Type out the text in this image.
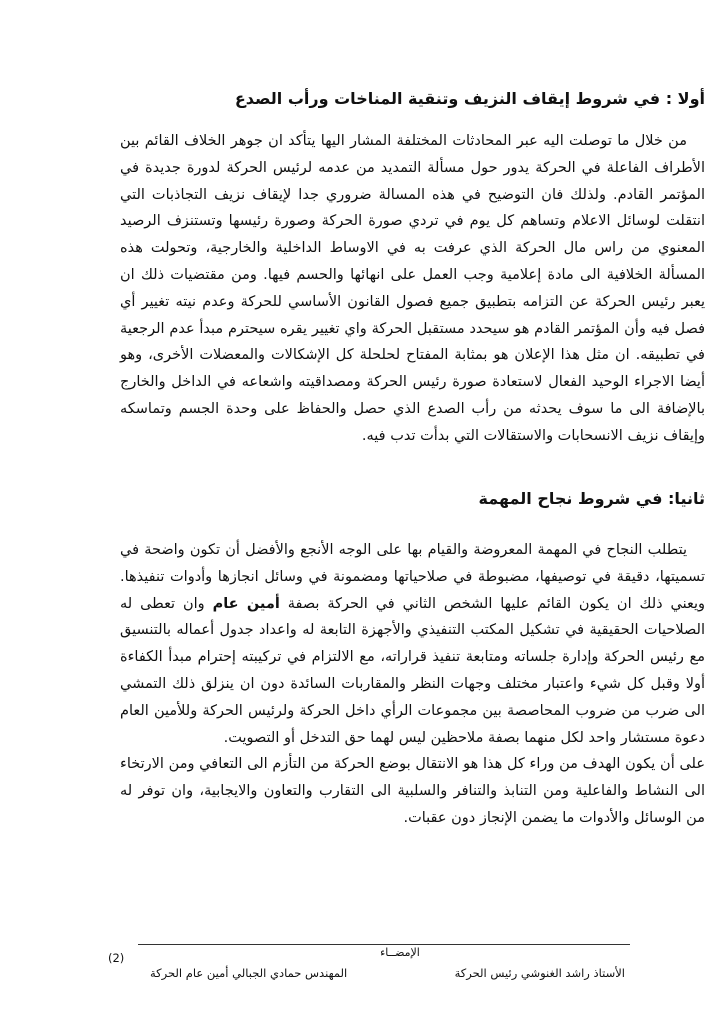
أولا : في شروط إيقاف النزيف وتنقية المناخات ورأب الصدع

من خلال ما توصلت اليه عبر المحادثات المختلفة المشار اليها يتأكد ان جوهر الخلاف القائم بين الأطراف الفاعلة في الحركة يدور حول مسألة التمديد من عدمه لرئيس الحركة لدورة جديدة في المؤتمر القادم. ولذلك فان التوضيح في هذه المسالة ضروري جدا لإيقاف نزيف التجاذبات التي انتقلت لوسائل الاعلام وتساهم كل يوم في تردي صورة الحركة وصورة رئيسها وتستنزف الرصيد المعنوي من راس مال الحركة الذي عرفت به في الاوساط الداخلية والخارجية، وتحولت هذه المسألة الخلافية الى مادة إعلامية وجب العمل على انهائها والحسم فيها. ومن مقتضيات ذلك ان يعبر رئيس الحركة عن التزامه بتطبيق جميع فصول القانون الأساسي للحركة وعدم نيته تغيير أي فصل فيه وأن المؤتمر القادم هو سيحدد مستقبل الحركة واي تغيير يقره سيحترم مبدأ عدم الرجعية في تطبيقه. ان مثل هذا الإعلان هو بمثابة المفتاح لحلحلة كل الإشكالات والمعضلات الأخرى، وهو أيضا الاجراء الوحيد الفعال لاستعادة صورة رئيس الحركة ومصداقيته واشعاعه في الداخل والخارج بالإضافة الى ما سوف يحدثه من رأب الصدع الذي حصل والحفاظ على وحدة الجسم وتماسكه وإيقاف نزيف الانسحابات والاستقالات التي بدأت تدب فيه.

ثانيا: في شروط نجاح المهمة

يتطلب النجاح في المهمة المعروضة والقيام بها على الوجه الأنجع والأفضل أن تكون واضحة في تسميتها، دقيقة في توصيفها، مضبوطة في صلاحياتها ومضمونة في وسائل انجازها وأدوات تنفيذها. ويعني ذلك ان يكون القائم عليها الشخص الثاني في الحركة بصفة أمين عام وان تعطى له الصلاحيات الحقيقية في تشكيل المكتب التنفيذي والأجهزة التابعة له واعداد جدول أعماله بالتنسيق مع رئيس الحركة وإدارة جلساته ومتابعة تنفيذ قراراته، مع الالتزام في تركيبته إحترام مبدأ الكفاءة أولا وقبل كل شيء واعتبار مختلف وجهات النظر والمقاربات السائدة دون ان ينزلق ذلك التمشي الى ضرب من ضروب المحاصصة بين مجموعات الرأي داخل الحركة ولرئيس الحركة وللأمين العام دعوة مستشار واحد لكل منهما بصفة ملاحظين ليس لهما حق التدخل أو التصويت.

على أن يكون الهدف من وراء كل هذا هو الانتقال بوضع الحركة من التأزم الى التعافي ومن الارتخاء الى النشاط والفاعلية ومن التنابذ والتنافر والسلبية الى التقارب والتعاون والايجابية، وان توفر له من الوسائل والأدوات ما يضمن الإنجاز دون عقبات.

الإمضــاء
الأستاذ راشد الغنوشي رئيس الحركة
المهندس حمادي الجبالي أمين عام الحركة
(2)
